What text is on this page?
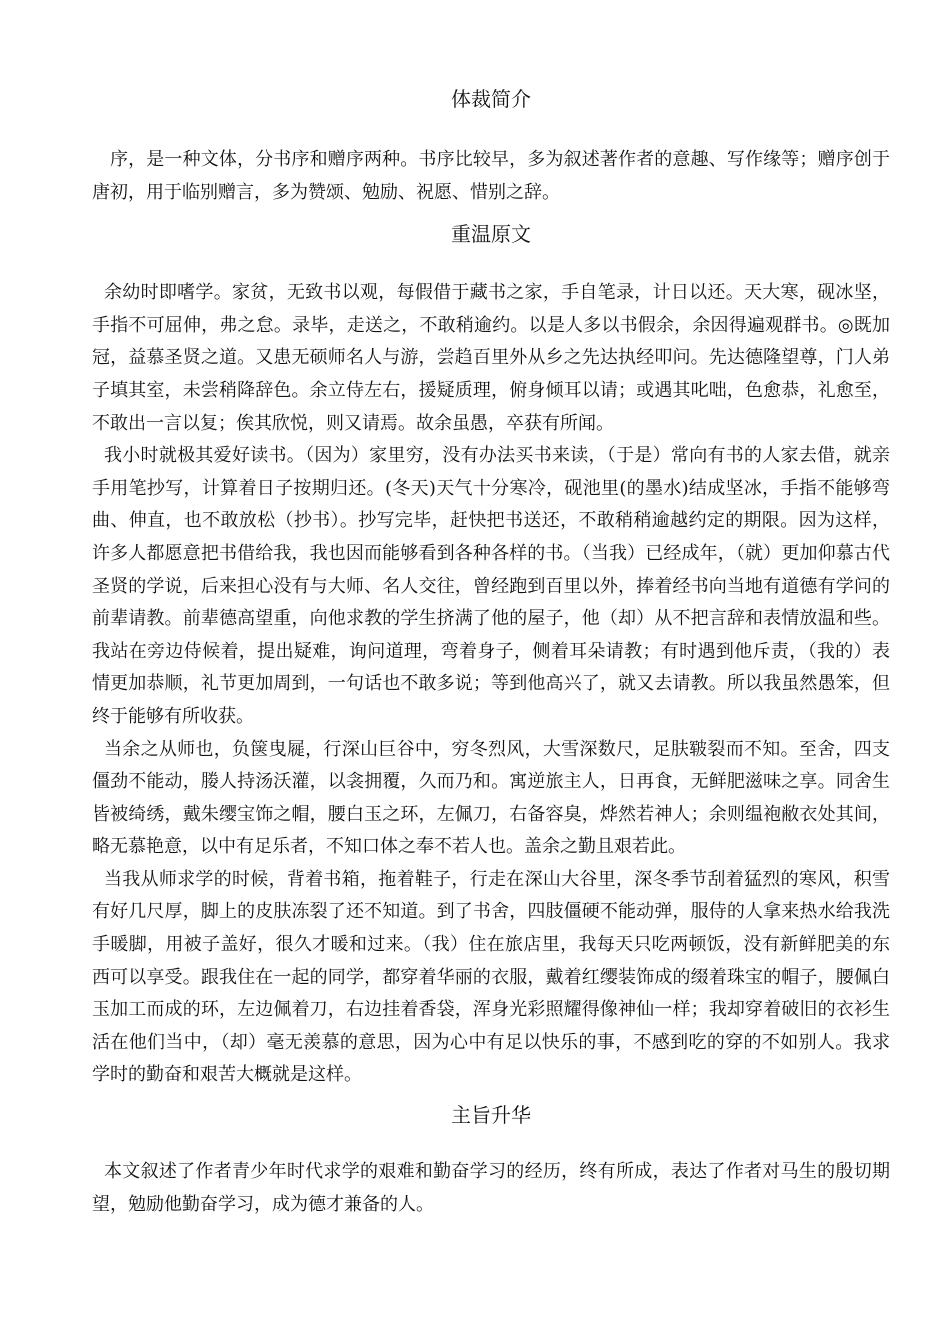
体裁简介

序，是一种文体，分书序和赠序两种。书序比较早，多为叙述著作者的意趣、写作缘等；赠序创于唐初，用于临别赠言，多为赞颂、勉励、祝愿、惜别之辞。

重温原文

余幼时即嗜学。家贫，无致书以观，每假借于藏书之家，手自笔录，计日以还。天大寒，砚冰坚，手指不可屈伸，弗之怠。录毕，走送之，不敢稍逾约。以是人多以书假余，余因得遍观群书。◎既加冠，益慕圣贤之道。又患无硕师名人与游，尝趋百里外从乡之先达执经叩问。先达德隆望尊，门人弟子填其室，未尝稍降辞色。余立侍左右，援疑质理，俯身倾耳以请；或遇其叱咄，色愈恭，礼愈至，不敢出一言以复；俟其欣悦，则又请焉。故余虽愚，卒获有所闻。

我小时就极其爱好读书。（因为）家里穷，没有办法买书来读，（于是）常向有书的人家去借，就亲手用笔抄写，计算着日子按期归还。(冬天)天气十分寒冷，砚池里(的墨水)结成坚冰，手指不能够弯曲、伸直，也不敢放松（抄书）。抄写完毕，赶快把书送还，不敢稍稍逾越约定的期限。因为这样，许多人都愿意把书借给我，我也因而能够看到各种各样的书。（当我）已经成年，（就）更加仰慕古代圣贤的学说，后来担心没有与大师、名人交往，曾经跑到百里以外，捧着经书向当地有道德有学问的前辈请教。前辈德高望重，向他求教的学生挤满了他的屋子，他（却）从不把言辞和表情放温和些。我站在旁边侍候着，提出疑难，询问道理，弯着身子，侧着耳朵请教；有时遇到他斥责，（我的）表情更加恭顺，礼节更加周到，一句话也不敢多说；等到他高兴了，就又去请教。所以我虽然愚笨，但终于能够有所收获。

当余之从师也，负箧曳屣，行深山巨谷中，穷冬烈风，大雪深数尺，足肤皲裂而不知。至舍，四支僵劲不能动，媵人持汤沃灌，以衾拥覆，久而乃和。寓逆旅主人，日再食，无鲜肥滋味之享。同舍生皆被绮绣，戴朱缨宝饰之帽，腰白玉之环，左佩刀，右备容臭，烨然若神人；余则缊袍敝衣处其间，略无慕艳意，以中有足乐者，不知口体之奉不若人也。盖余之勤且艰若此。

当我从师求学的时候，背着书箱，拖着鞋子，行走在深山大谷里，深冬季节刮着猛烈的寒风，积雪有好几尺厚，脚上的皮肤冻裂了还不知道。到了书舍，四肢僵硬不能动弹，服侍的人拿来热水给我洗手暖脚，用被子盖好，很久才暖和过来。（我）住在旅店里，我每天只吃两顿饭，没有新鲜肥美的东西可以享受。跟我住在一起的同学，都穿着华丽的衣服，戴着红缨装饰成的缀着珠宝的帽子，腰佩白玉加工而成的环，左边佩着刀，右边挂着香袋，浑身光彩照耀得像神仙一样；我却穿着破旧的衣衫生活在他们当中，（却）毫无羡慕的意思，因为心中有足以快乐的事，不感到吃的穿的不如别人。我求学时的勤奋和艰苦大概就是这样。

主旨升华

本文叙述了作者青少年时代求学的艰难和勤奋学习的经历，终有所成，表达了作者对马生的殷切期望，勉励他勤奋学习，成为德才兼备的人。
